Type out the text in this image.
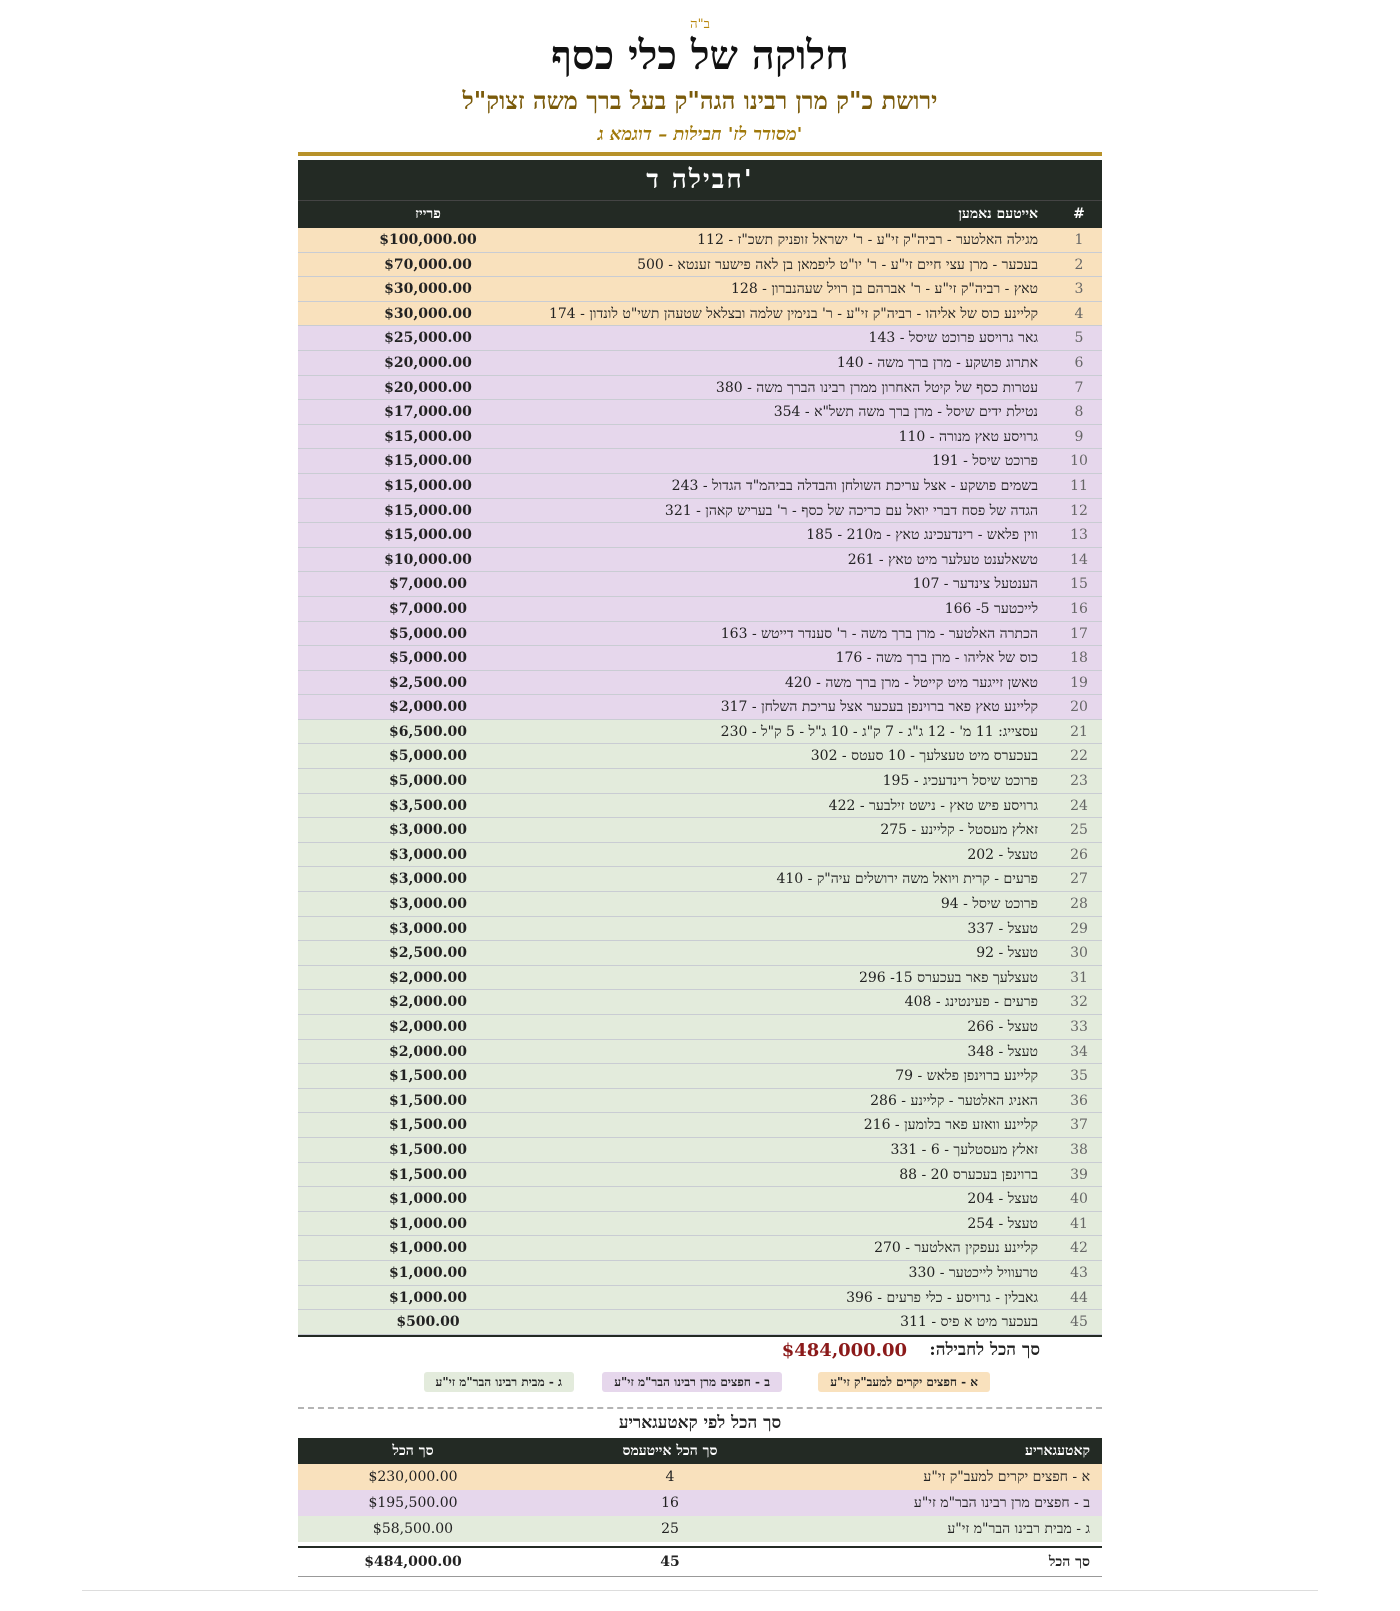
ב"ה
חלוקה של כלי כסף
ירושת כ"ק מרן רבינו הגה"ק בעל ברך משה זצוק"ל
מסודר לז' חבילות – דוגמא ג'
חבילה ד'
#
אייטעם נאמען
פרייז
1
מגילה האלטער - רביה"ק זי"ע - ר' ישראל זופניק תשכ"ז - 112
$100,000.00
2
בעכער - מרן עצי חיים זי"ע - ר' יו"ט ליפמאן בן לאה פישער זענטא - 500
$70,000.00
3
טאץ - רביה"ק זי"ע - ר' אברהם בן רויל שעהנברון - 128
$30,000.00
4
קליינע כוס של אליהו - רביה"ק זי"ע - ר' בנימין שלמה ובצלאל שטעהן תשי"ט לונדון - 174
$30,000.00
5
גאר גרויסע פרוכט שיסל - 143
$25,000.00
6
אתרוג פושקע - מרן ברך משה - 140
$20,000.00
7
עטרות כסף של קיטל האחרון ממרן רבינו הברך משה - 380
$20,000.00
8
נטילת ידים שיסל - מרן ברך משה תשל"א - 354
$17,000.00
9
גרויסע טאץ מנורה - 110
$15,000.00
10
פרוכט שיסל - 191
$15,000.00
11
בשמים פושקע - אצל עריכת השולחן והבדלה בביהמ"ד הגדול - 243
$15,000.00
12
הגדה של פסח דברי יואל עם כריכה של כסף - ר' בעריש קאהן - 321
$15,000.00
13
ווין פלאש - רינדעכינג טאץ - מ210 - 185
$15,000.00
14
טשאלענט טעלער מיט טאץ - 261
$10,000.00
15
הענטעל צינדער - 107
$7,000.00
16
לייכטער 5- 166
$7,000.00
17
הכתרה האלטער - מרן ברך משה - ר' סענדר דייטש - 163
$5,000.00
18
כוס של אליהו - מרן ברך משה - 176
$5,000.00
19
טאשן זייגער מיט קייטל - מרן ברך משה - 420
$2,500.00
20
קליינע טאץ פאר ברוינפן בעכער אצל עריכת השלחן - 317
$2,000.00
21
עסצייג: 11 מ' - 12 ג"ג - 7 ק"ג - 10 ג"ל - 5 ק"ל - 230
$6,500.00
22
בעכערס מיט טעצלעך - 10 סעטס - 302
$5,000.00
23
פרוכט שיסל רינדעכיג - 195
$5,000.00
24
גרויסע פיש טאץ - נישט זילבער - 422
$3,500.00
25
זאלץ מעסטל - קליינע - 275
$3,000.00
26
טעצל - 202
$3,000.00
27
פרעים - קרית ויואל משה ירושלים עיה"ק - 410
$3,000.00
28
פרוכט שיסל - 94
$3,000.00
29
טעצל - 337
$3,000.00
30
טעצל - 92
$2,500.00
31
טעצלעך פאר בעכערס 15- 296
$2,000.00
32
פרעים - פעינטינג - 408
$2,000.00
33
טעצל - 266
$2,000.00
34
טעצל - 348
$2,000.00
35
קליינע ברוינפן פלאש - 79
$1,500.00
36
האניג האלטער - קליינע - 286
$1,500.00
37
קליינע וואזע פאר בלומען - 216
$1,500.00
38
זאלץ מעסטלעך - 6 - 331
$1,500.00
39
ברוינפן בעכערס 20 - 88
$1,500.00
40
טעצל - 204
$1,000.00
41
טעצל - 254
$1,000.00
42
קליינע נעפקין האלטער - 270
$1,000.00
43
טרעוויל לייכטער - 330
$1,000.00
44
גאבלין - גרויסע - כלי פרעים - 396
$1,000.00
45
בעכער מיט א פיס - 311
$500.00
סך הכל לחבילה:
$484,000.00
א - חפצים יקרים למעב"ק זי"ע
ב - חפצים מרן רבינו הבר"מ זי"ע
ג - מבית רבינו הבר"מ זי"ע
סך הכל לפי קאטעגאריע
קאטעגאריע
סך הכל אייטעמס
סך הכל
א - חפצים יקרים למעב"ק זי"ע
4
$230,000.00
ב - חפצים מרן רבינו הבר"מ זי"ע
16
$195,500.00
ג - מבית רבינו הבר"מ זי"ע
25
$58,500.00
סך הכל
45
$484,000.00
